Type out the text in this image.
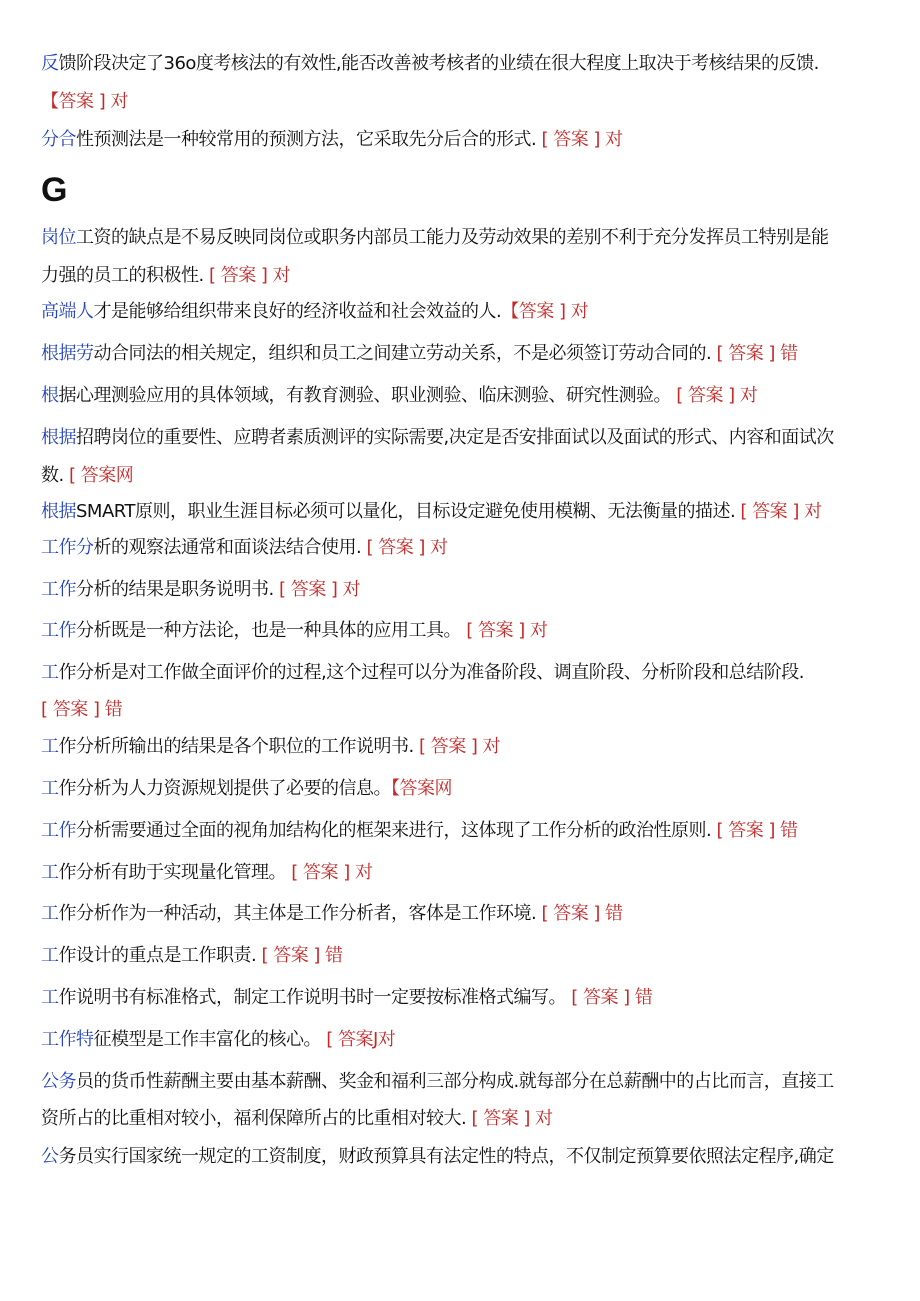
G
反馈阶段决定了36o度考核法的有效性,能否改善被考核者的业绩在很大程度上取决于考核结果的反馈.
【答案 ] 对
分合性预测法是一种较常用的预测方法，它采取先分后合的形式. [ 答案 ] 对
岗位工资的缺点是不易反映同岗位或职务内部员工能力及劳动效果的差别不利于充分发挥员工特别是能
力强的员工的积极性. [ 答案 ] 对
高端人才是能够给组织带来良好的经济收益和社会效益的人.【答案 ] 对
根据劳动合同法的相关规定，组织和员工之间建立劳动关系，不是必须签订劳动合同的. [ 答案 ] 错
根据心理测验应用的具体领域，有教育测验、职业测验、临床测验、研究性测验。 [ 答案 ] 对
根据招聘岗位的重要性、应聘者素质测评的实际需要,决定是否安排面试以及面试的形式、内容和面试次
数. [ 答案网
根据SMART原则，职业生涯目标必须可以量化，目标设定避免使用模糊、无法衡量的描述. [ 答案 ] 对
工作分析的观察法通常和面谈法结合使用. [ 答案 ] 对
工作分析的结果是职务说明书. [ 答案 ] 对
工作分析既是一种方法论，也是一种具体的应用工具。 [ 答案 ] 对
工作分析是对工作做全面评价的过程,这个过程可以分为准备阶段、调直阶段、分析阶段和总结阶段.
[ 答案 ] 错
工作分析所输出的结果是各个职位的工作说明书. [ 答案 ] 对
工作分析为人力资源规划提供了必要的信息。【答案网
工作分析需要通过全面的视角加结构化的框架来进行，这体现了工作分析的政治性原则. [ 答案 ] 错
工作分析有助于实现量化管理。 [ 答案 ] 对
工作分析作为一种活动，其主体是工作分析者，客体是工作环境. [ 答案 ] 错
工作设计的重点是工作职责. [ 答案 ] 错
工作说明书有标准格式，制定工作说明书时一定要按标准格式编写。 [ 答案 ] 错
工作特征模型是工作丰富化的核心。 [ 答案J对
公务员的货币性薪酬主要由基本薪酬、奖金和福利三部分构成.就每部分在总薪酬中的占比而言，直接工
资所占的比重相对较小，福利保障所占的比重相对较大. [ 答案 ] 对
公务员实行国家统一规定的工资制度，财政预算具有法定性的特点，不仅制定预算要依照法定程序,确定
